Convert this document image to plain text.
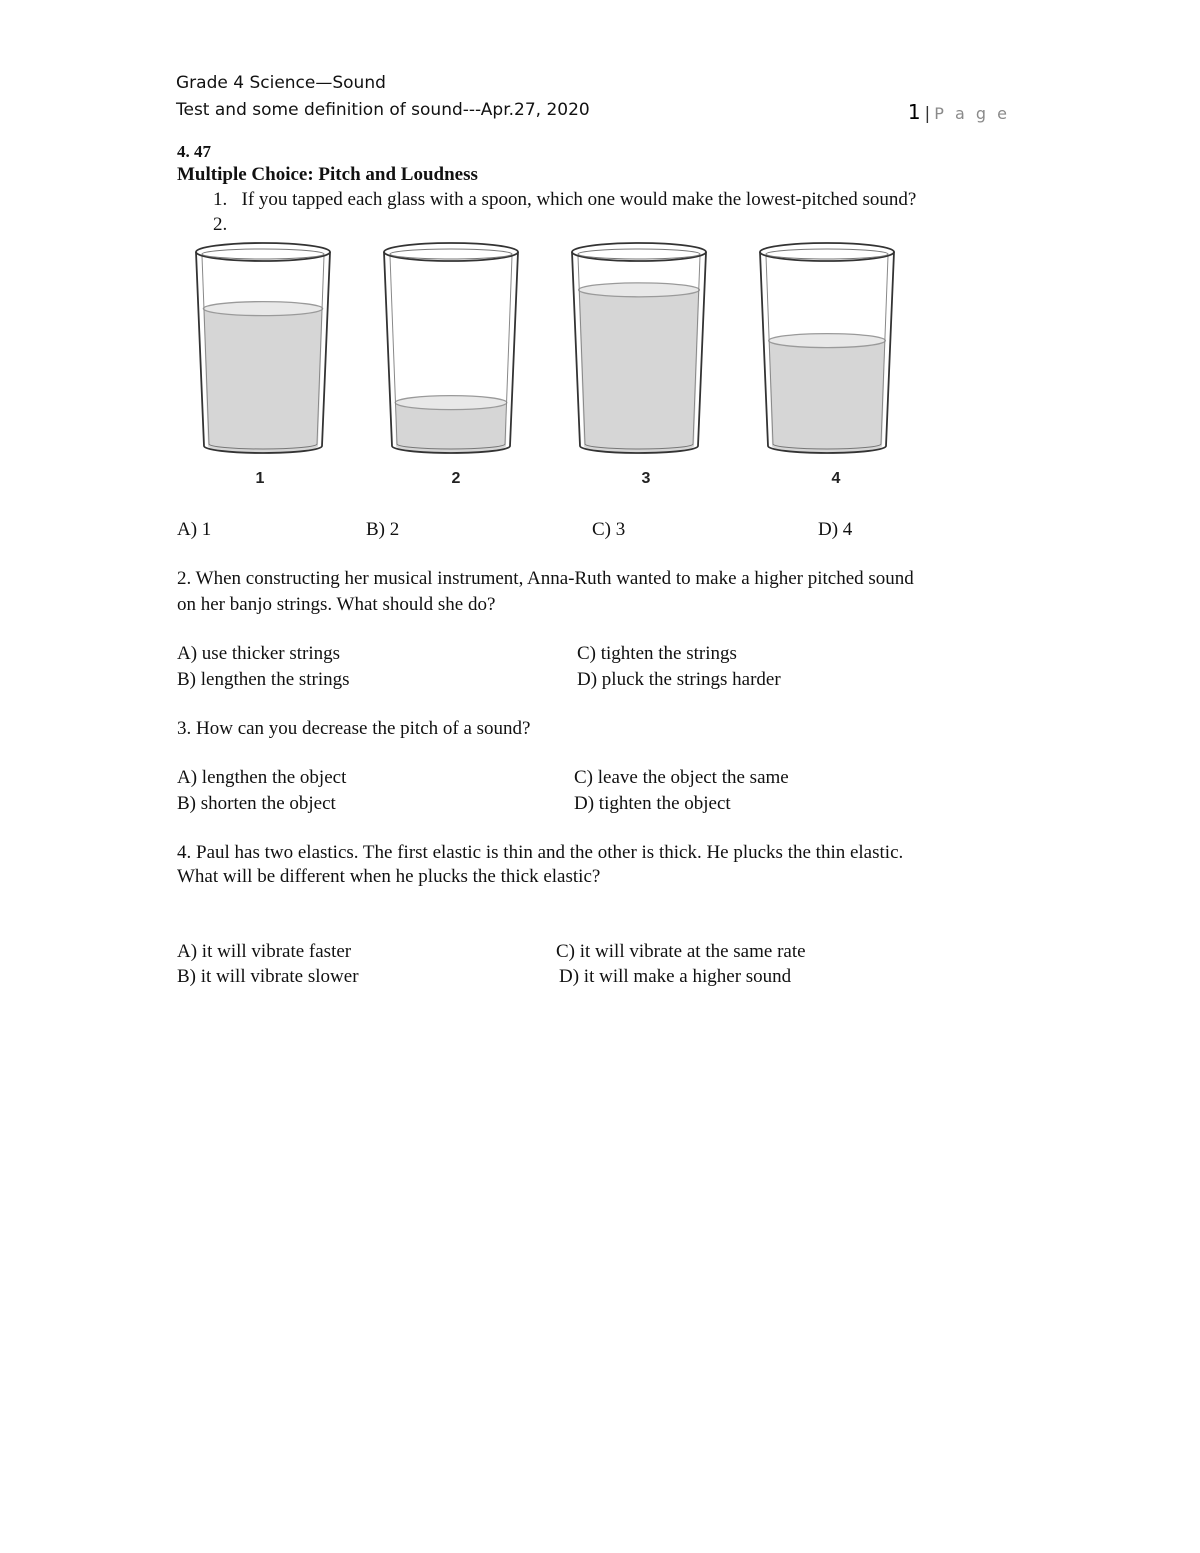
Grade 4 Science—Sound
Test and some definition of sound---Apr.27, 2020	1 | P a g e
4. 47
Multiple Choice: Pitch and Loudness
1.   If you tapped each glass with a spoon, which one would make the lowest-pitched sound?
2.
1	2	3	4
A) 1	B) 2	C) 3	D) 4
2. When constructing her musical instrument, Anna-Ruth wanted to make a higher pitched sound
on her banjo strings. What should she do?
A) use thicker strings	C) tighten the strings
B) lengthen the strings	D) pluck the strings harder
3. How can you decrease the pitch of a sound?
A) lengthen the object	C) leave the object the same
B) shorten the object	D) tighten the object
4. Paul has two elastics. The first elastic is thin and the other is thick. He plucks the thin elastic.
What will be different when he plucks the thick elastic?
A) it will vibrate faster	C) it will vibrate at the same rate
B) it will vibrate slower	D) it will make a higher sound
